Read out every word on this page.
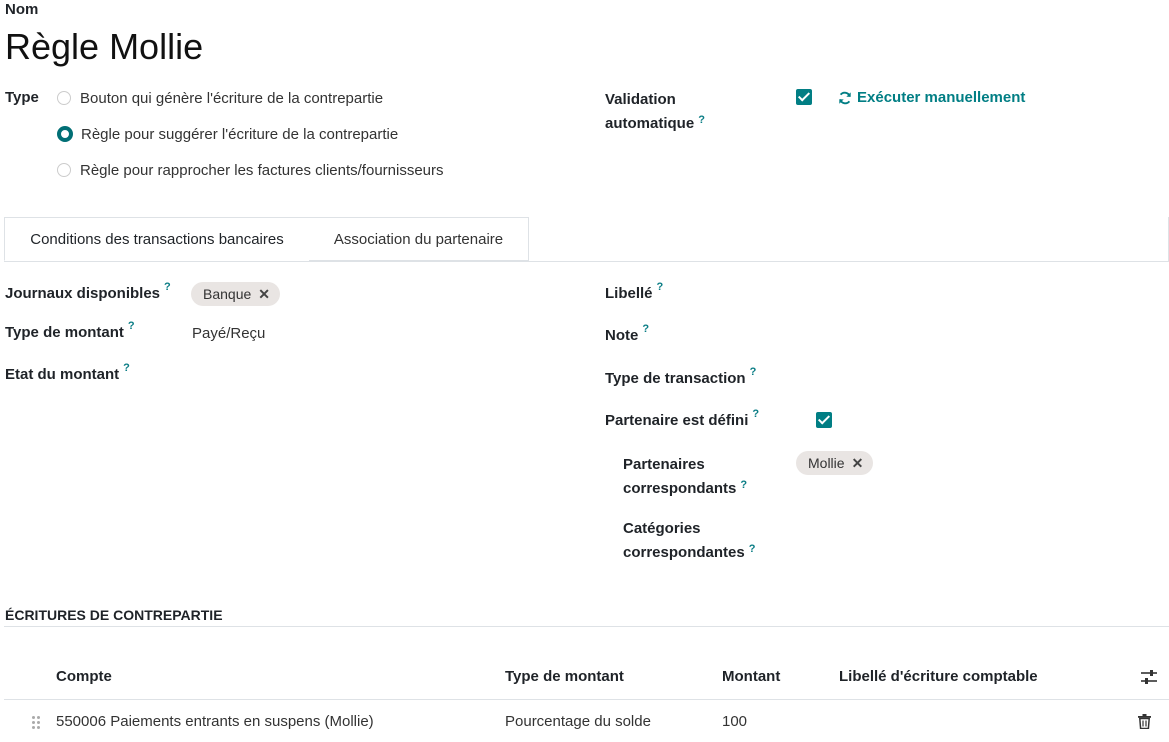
Nom
Règle Mollie
Type	Bouton qui génère l'écriture de la contrepartie
Règle pour suggérer l'écriture de la contrepartie
Règle pour rapprocher les factures clients/fournisseurs
Validation
automatique ?

Exécuter manuellement
Conditions des transactions bancaires	Association du partenaire
Journaux disponibles ? Banque ✕
Type de montant ?	Payé/Reçu
Etat du montant ?
Libellé ?
Note ?
Type de transaction ?
Partenaire est défini ?
Partenaires
correspondants ?
Mollie ✕
Catégories
correspondantes ?
ÉCRITURES DE CONTREPARTIE
Compte	Type de montant	Montant	Libellé d'écriture comptable
550006 Paiements entrants en suspens (Mollie)	Pourcentage du solde	100
